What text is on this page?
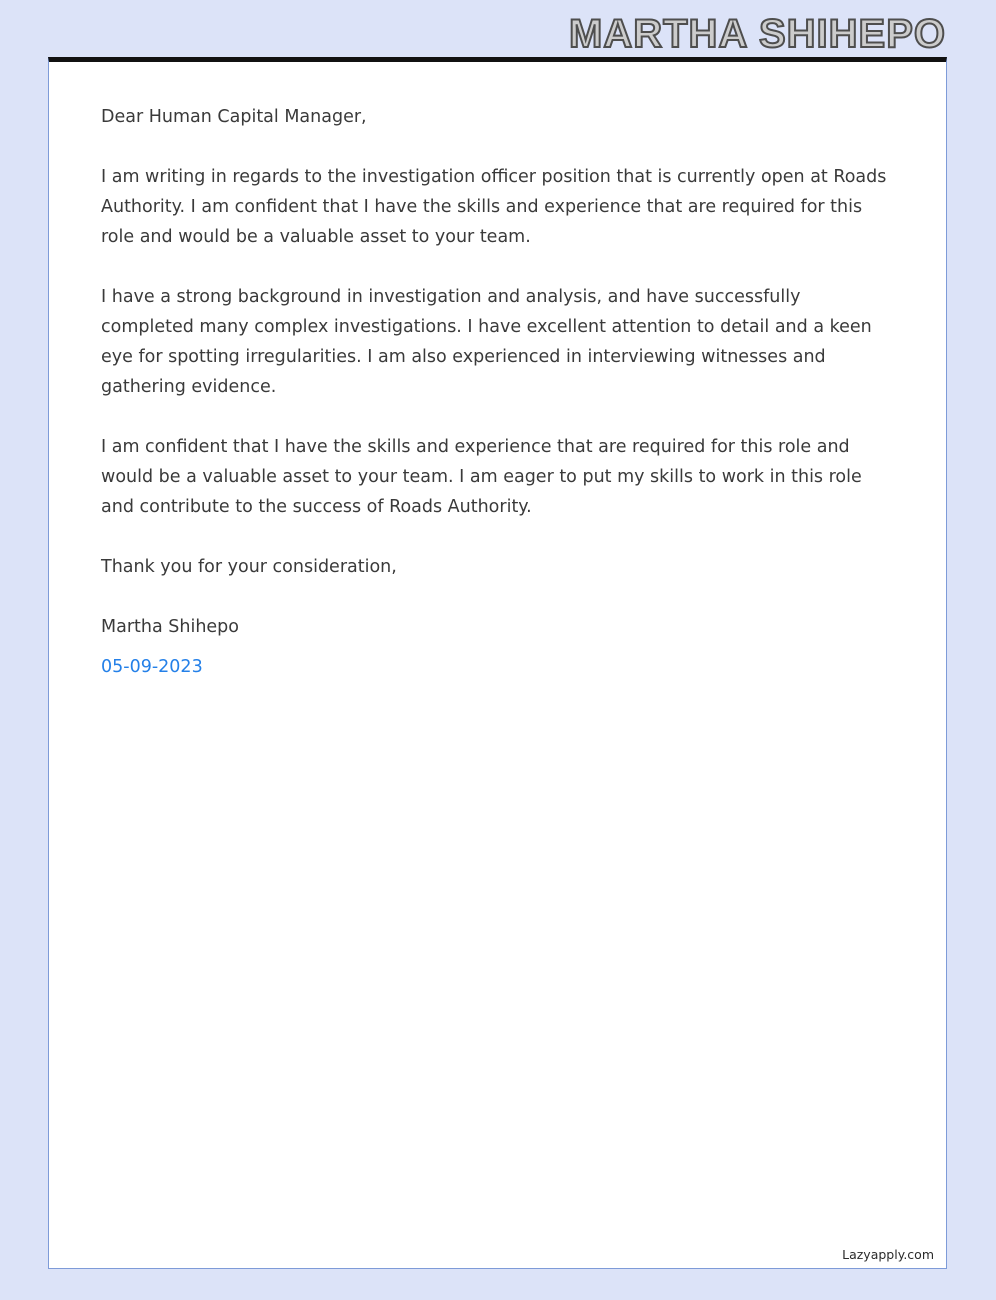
MARTHA SHIHEPO

Dear Human Capital Manager,

I am writing in regards to the investigation officer position that is currently open at Roads Authority. I am confident that I have the skills and experience that are required for this role and would be a valuable asset to your team.

I have a strong background in investigation and analysis, and have successfully completed many complex investigations. I have excellent attention to detail and a keen eye for spotting irregularities. I am also experienced in interviewing witnesses and gathering evidence.

I am confident that I have the skills and experience that are required for this role and would be a valuable asset to your team. I am eager to put my skills to work in this role and contribute to the success of Roads Authority.

Thank you for your consideration,

Martha Shihepo

05-09-2023

Lazyapply.com
